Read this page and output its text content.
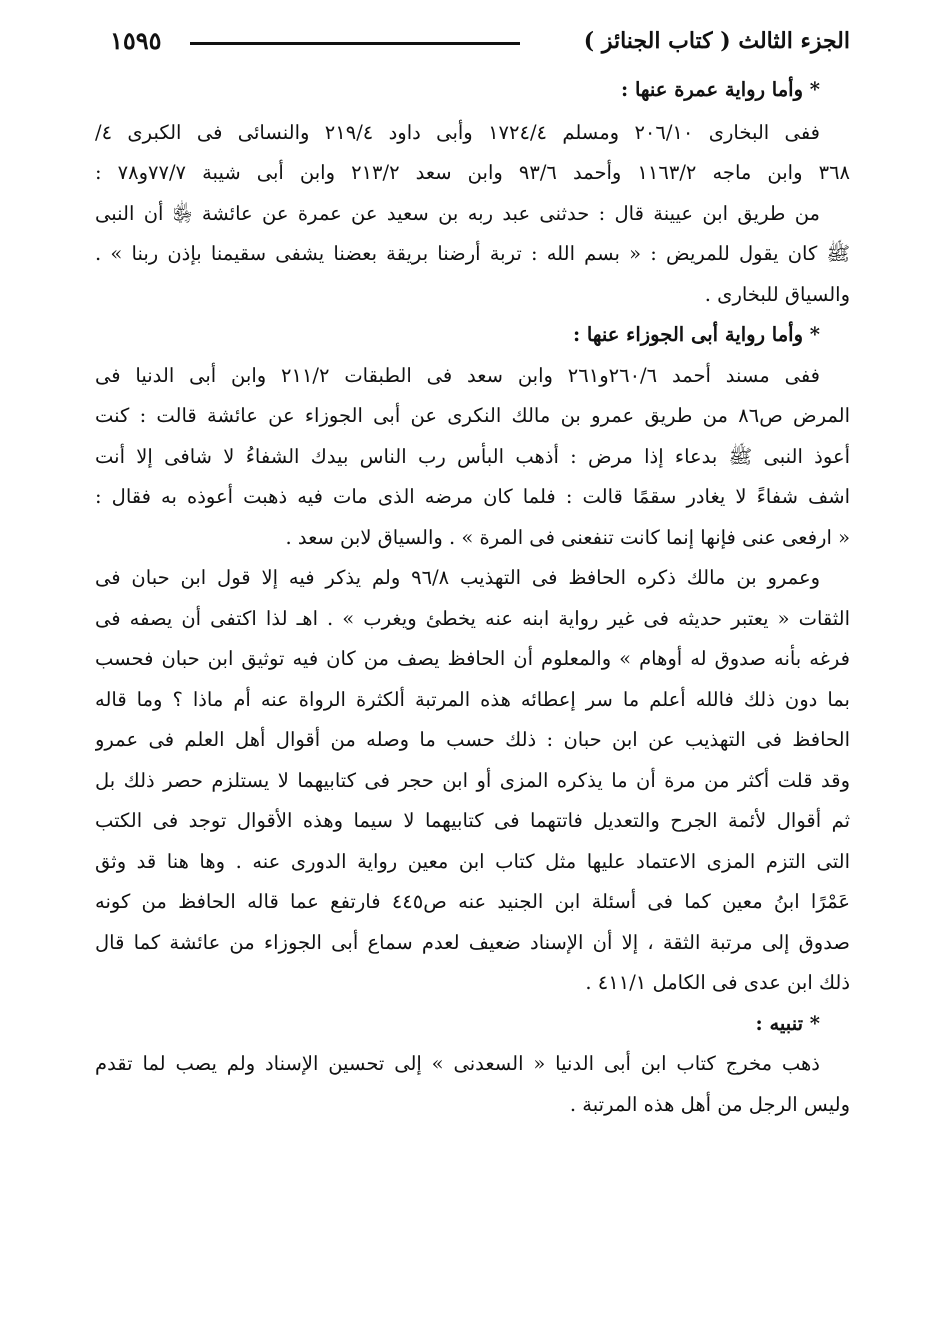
الجزء الثالث ( كتاب الجنائز )
١٥٩٥
* وأما رواية عمرة عنها :
ففى البخارى ٢٠٦/١٠ ومسلم ١٧٢٤/٤ وأبى داود ٢١٩/٤ والنسائى فى الكبرى ٤/
٣٦٨ وابن ماجه ١١٦٣/٢ وأحمد ٩٣/٦ وابن سعد ٢١٣/٢ وابن أبى شيبة ٧٧/٧و٧٨ :
من طريق ابن عيينة قال : حدثنى عبد ربه بن سعيد عن عمرة عن عائشة ﵂ أن النبى
ﷺ كان يقول للمريض : « بسم الله : تربة أرضنا بريقة بعضنا يشفى سقيمنا بإذن ربنا » .
والسياق للبخارى .
* وأما رواية أبى الجوزاء عنها :
ففى مسند أحمد ٢٦٠/٦و٢٦١ وابن سعد فى الطبقات ٢١١/٢ وابن أبى الدنيا فى
المرض ص٨٦ من طريق عمرو بن مالك النكرى عن أبى الجوزاء عن عائشة قالت : كنت
أعوذ النبى ﷺ بدعاء إذا مرض : أذهب البأس رب الناس بيدك الشفاءُ لا شافى إلا أنت
اشف شفاءً لا يغادر سقمًا قالت : فلما كان مرضه الذى مات فيه ذهبت أعوذه به فقال :
« ارفعى عنى فإنها إنما كانت تنفعنى فى المرة » . والسياق لابن سعد .
وعمرو بن مالك ذكره الحافظ فى التهذيب ٩٦/٨ ولم يذكر فيه إلا قول ابن حبان فى
الثقات « يعتبر حديثه فى غير رواية ابنه عنه يخطئ ويغرب » . اهـ لذا اكتفى أن يصفه فى
فرغه بأنه صدوق له أوهام » والمعلوم أن الحافظ يصف من كان فيه توثيق ابن حبان فحسب
بما دون ذلك فالله أعلم ما سر إعطائه هذه المرتبة ألكثرة الرواة عنه أم ماذا ؟ وما قاله
الحافظ فى التهذيب عن ابن حبان : ذلك حسب ما وصله من أقوال أهل العلم فى عمرو
وقد قلت أكثر من مرة أن ما يذكره المزى أو ابن حجر فى كتابيهما لا يستلزم حصر ذلك بل
ثم أقوال لأئمة الجرح والتعديل فاتتهما فى كتابيهما لا سيما وهذه الأقوال توجد فى الكتب
التى التزم المزى الاعتماد عليها مثل كتاب ابن معين رواية الدورى عنه . وها هنا قد وثق
عَمْرًا ابنُ معين كما فى أسئلة ابن الجنيد عنه ص٤٤٥ فارتفع عما قاله الحافظ من كونه
صدوق إلى مرتبة الثقة ، إلا أن الإسناد ضعيف لعدم سماع أبى الجوزاء من عائشة كما قال
ذلك ابن عدى فى الكامل ٤١١/١ .
* تنبيه :
ذهب مخرج كتاب ابن أبى الدنيا « السعدنى » إلى تحسين الإسناد ولم يصب لما تقدم
وليس الرجل من أهل هذه المرتبة .
